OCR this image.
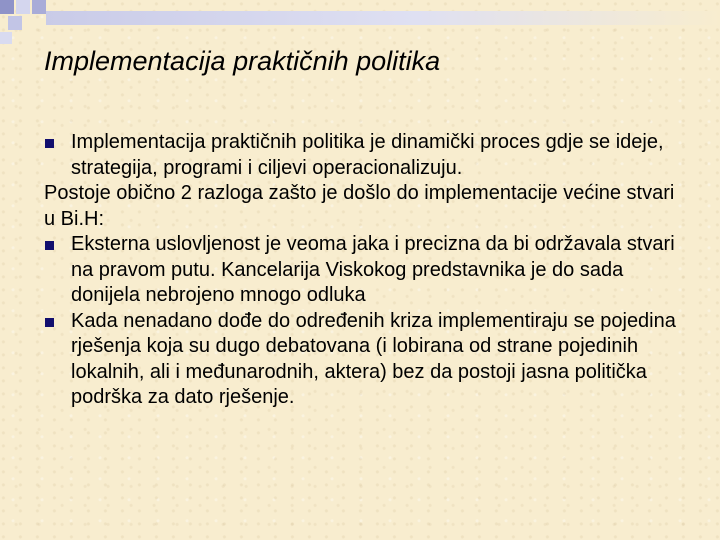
Implementacija praktičnih politika

Implementacija praktičnih politika je dinamički proces gdje se ideje, strategija, programi i ciljevi operacionalizuju.

Postoje obično 2 razloga zašto je došlo do implementacije većine stvari u Bi.H:

Eksterna uslovljenost je veoma jaka i precizna da bi održavala stvari na pravom putu. Kancelarija Viskokog predstavnika je do sada donijela nebrojeno mnogo odluka

Kada nenadano dođe do određenih kriza implementiraju se pojedina rješenja koja su dugo debatovana (i lobirana od strane pojedinih lokalnih, ali i međunarodnih, aktera) bez da postoji jasna politička podrška za dato rješenje.
